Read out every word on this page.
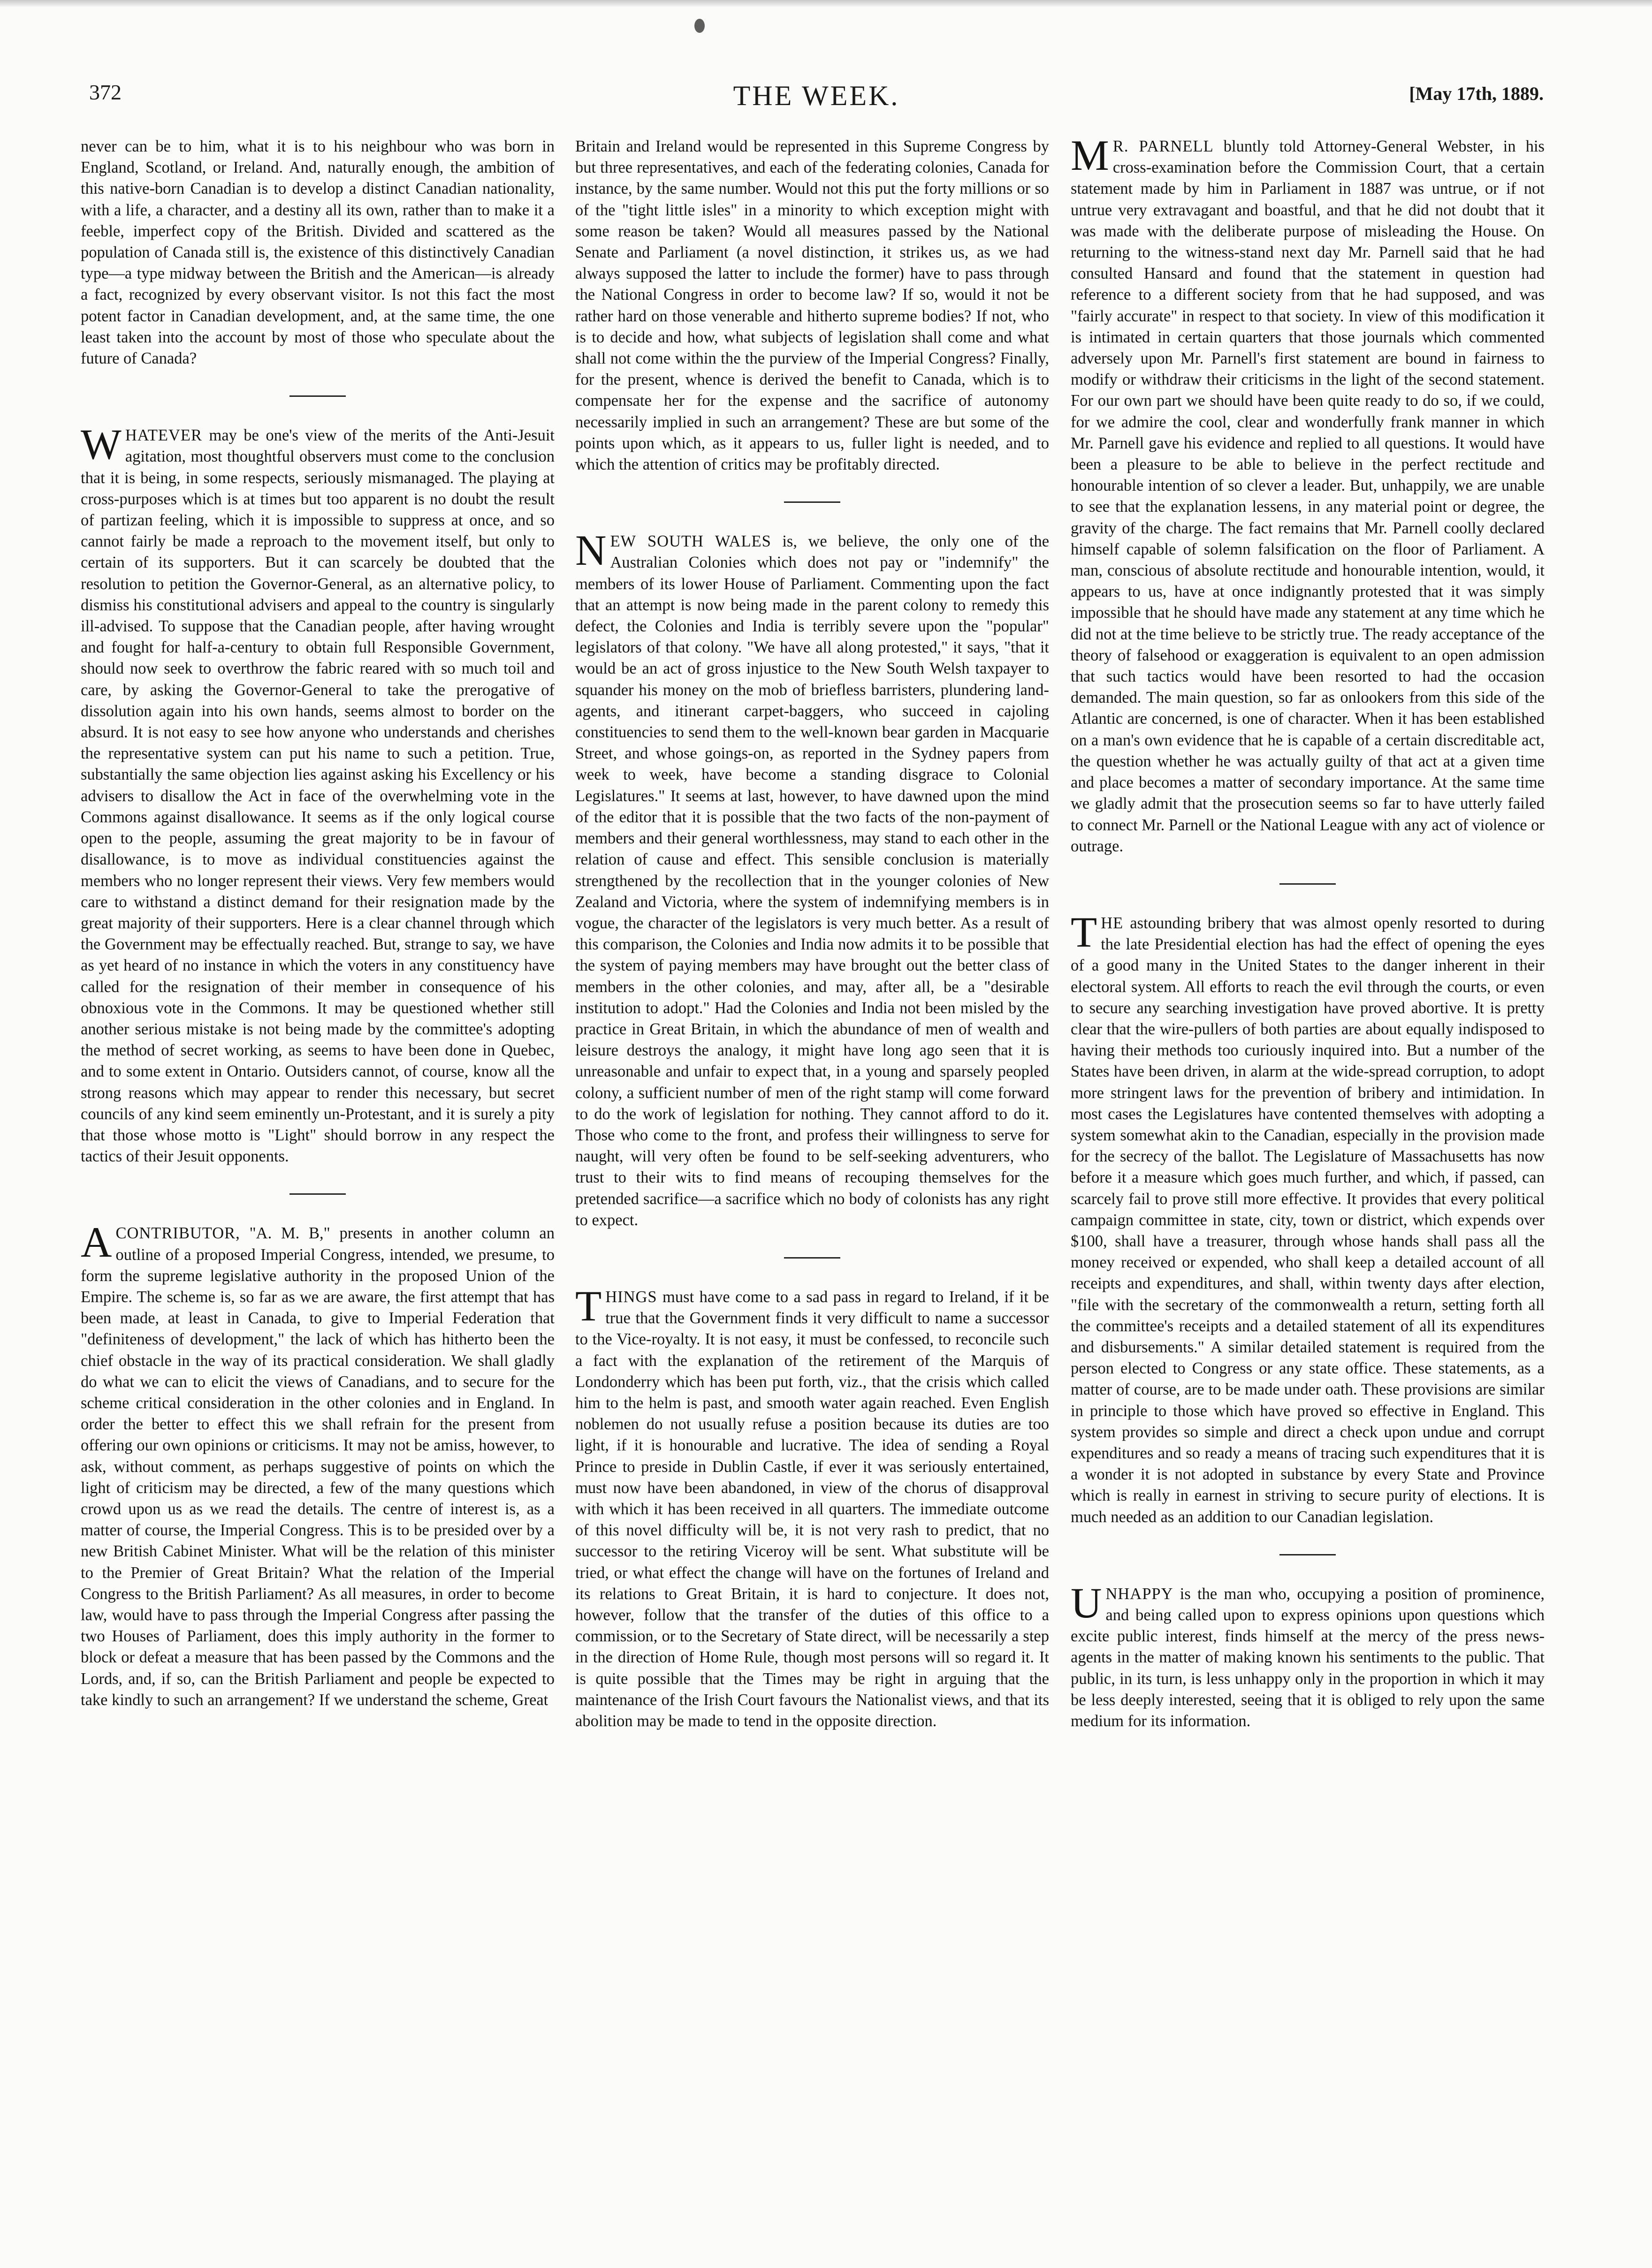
372	THE WEEK.	[May 17th, 1889.

never can be to him, what it is to his neighbour who was born in England, Scotland, or Ireland. And, naturally enough, the ambition of this native-born Canadian is to develop a distinct Canadian nationality, with a life, a character, and a destiny all its own, rather than to make it a feeble, imperfect copy of the British. Divided and scattered as the population of Canada still is, the existence of this distinctively Canadian type—a type midway between the British and the American—is already a fact, recognized by every observant visitor. Is not this fact the most potent factor in Canadian development, and, at the same time, the one least taken into the account by most of those who speculate about the future of Canada?

WHATEVER may be one's view of the merits of the Anti-Jesuit agitation, most thoughtful observers must come to the conclusion that it is being, in some respects, seriously mismanaged. The playing at cross-purposes which is at times but too apparent is no doubt the result of partizan feeling, which it is impossible to suppress at once, and so cannot fairly be made a reproach to the movement itself, but only to certain of its supporters. But it can scarcely be doubted that the resolution to petition the Governor-General, as an alternative policy, to dismiss his constitutional advisers and appeal to the country is singularly ill-advised. To suppose that the Canadian people, after having wrought and fought for half-a-century to obtain full Responsible Government, should now seek to overthrow the fabric reared with so much toil and care, by asking the Governor-General to take the prerogative of dissolution again into his own hands, seems almost to border on the absurd. It is not easy to see how anyone who understands and cherishes the representative system can put his name to such a petition. True, substantially the same objection lies against asking his Excellency or his advisers to disallow the Act in face of the overwhelming vote in the Commons against disallowance. It seems as if the only logical course open to the people, assuming the great majority to be in favour of disallowance, is to move as individual constituencies against the members who no longer represent their views. Very few members would care to withstand a distinct demand for their resignation made by the great majority of their supporters. Here is a clear channel through which the Government may be effectually reached. But, strange to say, we have as yet heard of no instance in which the voters in any constituency have called for the resignation of their member in consequence of his obnoxious vote in the Commons. It may be questioned whether still another serious mistake is not being made by the committee's adopting the method of secret working, as seems to have been done in Quebec, and to some extent in Ontario. Outsiders cannot, of course, know all the strong reasons which may appear to render this necessary, but secret councils of any kind seem eminently un-Protestant, and it is surely a pity that those whose motto is "Light" should borrow in any respect the tactics of their Jesuit opponents.

A CONTRIBUTOR, "A. M. B," presents in another column an outline of a proposed Imperial Congress, intended, we presume, to form the supreme legislative authority in the proposed Union of the Empire. The scheme is, so far as we are aware, the first attempt that has been made, at least in Canada, to give to Imperial Federation that "definiteness of development," the lack of which has hitherto been the chief obstacle in the way of its practical consideration. We shall gladly do what we can to elicit the views of Canadians, and to secure for the scheme critical consideration in the other colonies and in England. In order the better to effect this we shall refrain for the present from offering our own opinions or criticisms. It may not be amiss, however, to ask, without comment, as perhaps suggestive of points on which the light of criticism may be directed, a few of the many questions which crowd upon us as we read the details. The centre of interest is, as a matter of course, the Imperial Congress. This is to be presided over by a new British Cabinet Minister. What will be the relation of this minister to the Premier of Great Britain? What the relation of the Imperial Congress to the British Parliament? As all measures, in order to become law, would have to pass through the Imperial Congress after passing the two Houses of Parliament, does this imply authority in the former to block or defeat a measure that has been passed by the Commons and the Lords, and, if so, can the British Parliament and people be expected to take kindly to such an arrangement? If we understand the scheme, Great

Britain and Ireland would be represented in this Supreme Congress by but three representatives, and each of the federating colonies, Canada for instance, by the same number. Would not this put the forty millions or so of the "tight little isles" in a minority to which exception might with some reason be taken? Would all measures passed by the National Senate and Parliament (a novel distinction, it strikes us, as we had always supposed the latter to include the former) have to pass through the National Congress in order to become law? If so, would it not be rather hard on those venerable and hitherto supreme bodies? If not, who is to decide and how, what subjects of legislation shall come and what shall not come within the the purview of the Imperial Congress? Finally, for the present, whence is derived the benefit to Canada, which is to compensate her for the expense and the sacrifice of autonomy necessarily implied in such an arrangement? These are but some of the points upon which, as it appears to us, fuller light is needed, and to which the attention of critics may be profitably directed.

NEW SOUTH WALES is, we believe, the only one of the Australian Colonies which does not pay or "indemnify" the members of its lower House of Parliament. Commenting upon the fact that an attempt is now being made in the parent colony to remedy this defect, the Colonies and India is terribly severe upon the "popular" legislators of that colony. "We have all along protested," it says, "that it would be an act of gross injustice to the New South Welsh taxpayer to squander his money on the mob of briefless barristers, plundering land-agents, and itinerant carpet-baggers, who succeed in cajoling constituencies to send them to the well-known bear garden in Macquarie Street, and whose goings-on, as reported in the Sydney papers from week to week, have become a standing disgrace to Colonial Legislatures." It seems at last, however, to have dawned upon the mind of the editor that it is possible that the two facts of the non-payment of members and their general worthlessness, may stand to each other in the relation of cause and effect. This sensible conclusion is materially strengthened by the recollection that in the younger colonies of New Zealand and Victoria, where the system of indemnifying members is in vogue, the character of the legislators is very much better. As a result of this comparison, the Colonies and India now admits it to be possible that the system of paying members may have brought out the better class of members in the other colonies, and may, after all, be a "desirable institution to adopt." Had the Colonies and India not been misled by the practice in Great Britain, in which the abundance of men of wealth and leisure destroys the analogy, it might have long ago seen that it is unreasonable and unfair to expect that, in a young and sparsely peopled colony, a sufficient number of men of the right stamp will come forward to do the work of legislation for nothing. They cannot afford to do it. Those who come to the front, and profess their willingness to serve for naught, will very often be found to be self-seeking adventurers, who trust to their wits to find means of recouping themselves for the pretended sacrifice—a sacrifice which no body of colonists has any right to expect.

THINGS must have come to a sad pass in regard to Ireland, if it be true that the Government finds it very difficult to name a successor to the Vice-royalty. It is not easy, it must be confessed, to reconcile such a fact with the explanation of the retirement of the Marquis of Londonderry which has been put forth, viz., that the crisis which called him to the helm is past, and smooth water again reached. Even English noblemen do not usually refuse a position because its duties are too light, if it is honourable and lucrative. The idea of sending a Royal Prince to preside in Dublin Castle, if ever it was seriously entertained, must now have been abandoned, in view of the chorus of disapproval with which it has been received in all quarters. The immediate outcome of this novel difficulty will be, it is not very rash to predict, that no successor to the retiring Viceroy will be sent. What substitute will be tried, or what effect the change will have on the fortunes of Ireland and its relations to Great Britain, it is hard to conjecture. It does not, however, follow that the transfer of the duties of this office to a commission, or to the Secretary of State direct, will be necessarily a step in the direction of Home Rule, though most persons will so regard it. It is quite possible that the Times may be right in arguing that the maintenance of the Irish Court favours the Nationalist views, and that its abolition may be made to tend in the opposite direction.

M R. PARNELL bluntly told Attorney-General Webster, in his cross-examination before the Commission Court, that a certain statement made by him in Parliament in 1887 was untrue, or if not untrue very extravagant and boastful, and that he did not doubt that it was made with the deliberate purpose of misleading the House. On returning to the witness-stand next day Mr. Parnell said that he had consulted Hansard and found that the statement in question had reference to a different society from that he had supposed, and was "fairly accurate" in respect to that society. In view of this modification it is intimated in certain quarters that those journals which commented adversely upon Mr. Parnell's first statement are bound in fairness to modify or withdraw their criticisms in the light of the second statement. For our own part we should have been quite ready to do so, if we could, for we admire the cool, clear and wonderfully frank manner in which Mr. Parnell gave his evidence and replied to all questions. It would have been a pleasure to be able to believe in the perfect rectitude and honourable intention of so clever a leader. But, unhappily, we are unable to see that the explanation lessens, in any material point or degree, the gravity of the charge. The fact remains that Mr. Parnell coolly declared himself capable of solemn falsification on the floor of Parliament. A man, conscious of absolute rectitude and honourable intention, would, it appears to us, have at once indignantly protested that it was simply impossible that he should have made any statement at any time which he did not at the time believe to be strictly true. The ready acceptance of the theory of falsehood or exaggeration is equivalent to an open admission that such tactics would have been resorted to had the occasion demanded. The main question, so far as onlookers from this side of the Atlantic are concerned, is one of character. When it has been established on a man's own evidence that he is capable of a certain discreditable act, the question whether he was actually guilty of that act at a given time and place becomes a matter of secondary importance. At the same time we gladly admit that the prosecution seems so far to have utterly failed to connect Mr. Parnell or the National League with any act of violence or outrage.

THE astounding bribery that was almost openly resorted to during the late Presidential election has had the effect of opening the eyes of a good many in the United States to the danger inherent in their electoral system. All efforts to reach the evil through the courts, or even to secure any searching investigation have proved abortive. It is pretty clear that the wire-pullers of both parties are about equally indisposed to having their methods too curiously inquired into. But a number of the States have been driven, in alarm at the wide-spread corruption, to adopt more stringent laws for the prevention of bribery and intimidation. In most cases the Legislatures have contented themselves with adopting a system somewhat akin to the Canadian, especially in the provision made for the secrecy of the ballot. The Legislature of Massachusetts has now before it a measure which goes much further, and which, if passed, can scarcely fail to prove still more effective. It provides that every political campaign committee in state, city, town or district, which expends over $100, shall have a treasurer, through whose hands shall pass all the money received or expended, who shall keep a detailed account of all receipts and expenditures, and shall, within twenty days after election, "file with the secretary of the commonwealth a return, setting forth all the committee's receipts and a detailed statement of all its expenditures and disbursements." A similar detailed statement is required from the person elected to Congress or any state office. These statements, as a matter of course, are to be made under oath. These provisions are similar in principle to those which have proved so effective in England. This system provides so simple and direct a check upon undue and corrupt expenditures and so ready a means of tracing such expenditures that it is a wonder it is not adopted in substance by every State and Province which is really in earnest in striving to secure purity of elections. It is much needed as an addition to our Canadian legislation.

UNHAPPY is the man who, occupying a position of prominence, and being called upon to express opinions upon questions which excite public interest, finds himself at the mercy of the press news-agents in the matter of making known his sentiments to the public. That public, in its turn, is less unhappy only in the proportion in which it may be less deeply interested, seeing that it is obliged to rely upon the same medium for its information.
